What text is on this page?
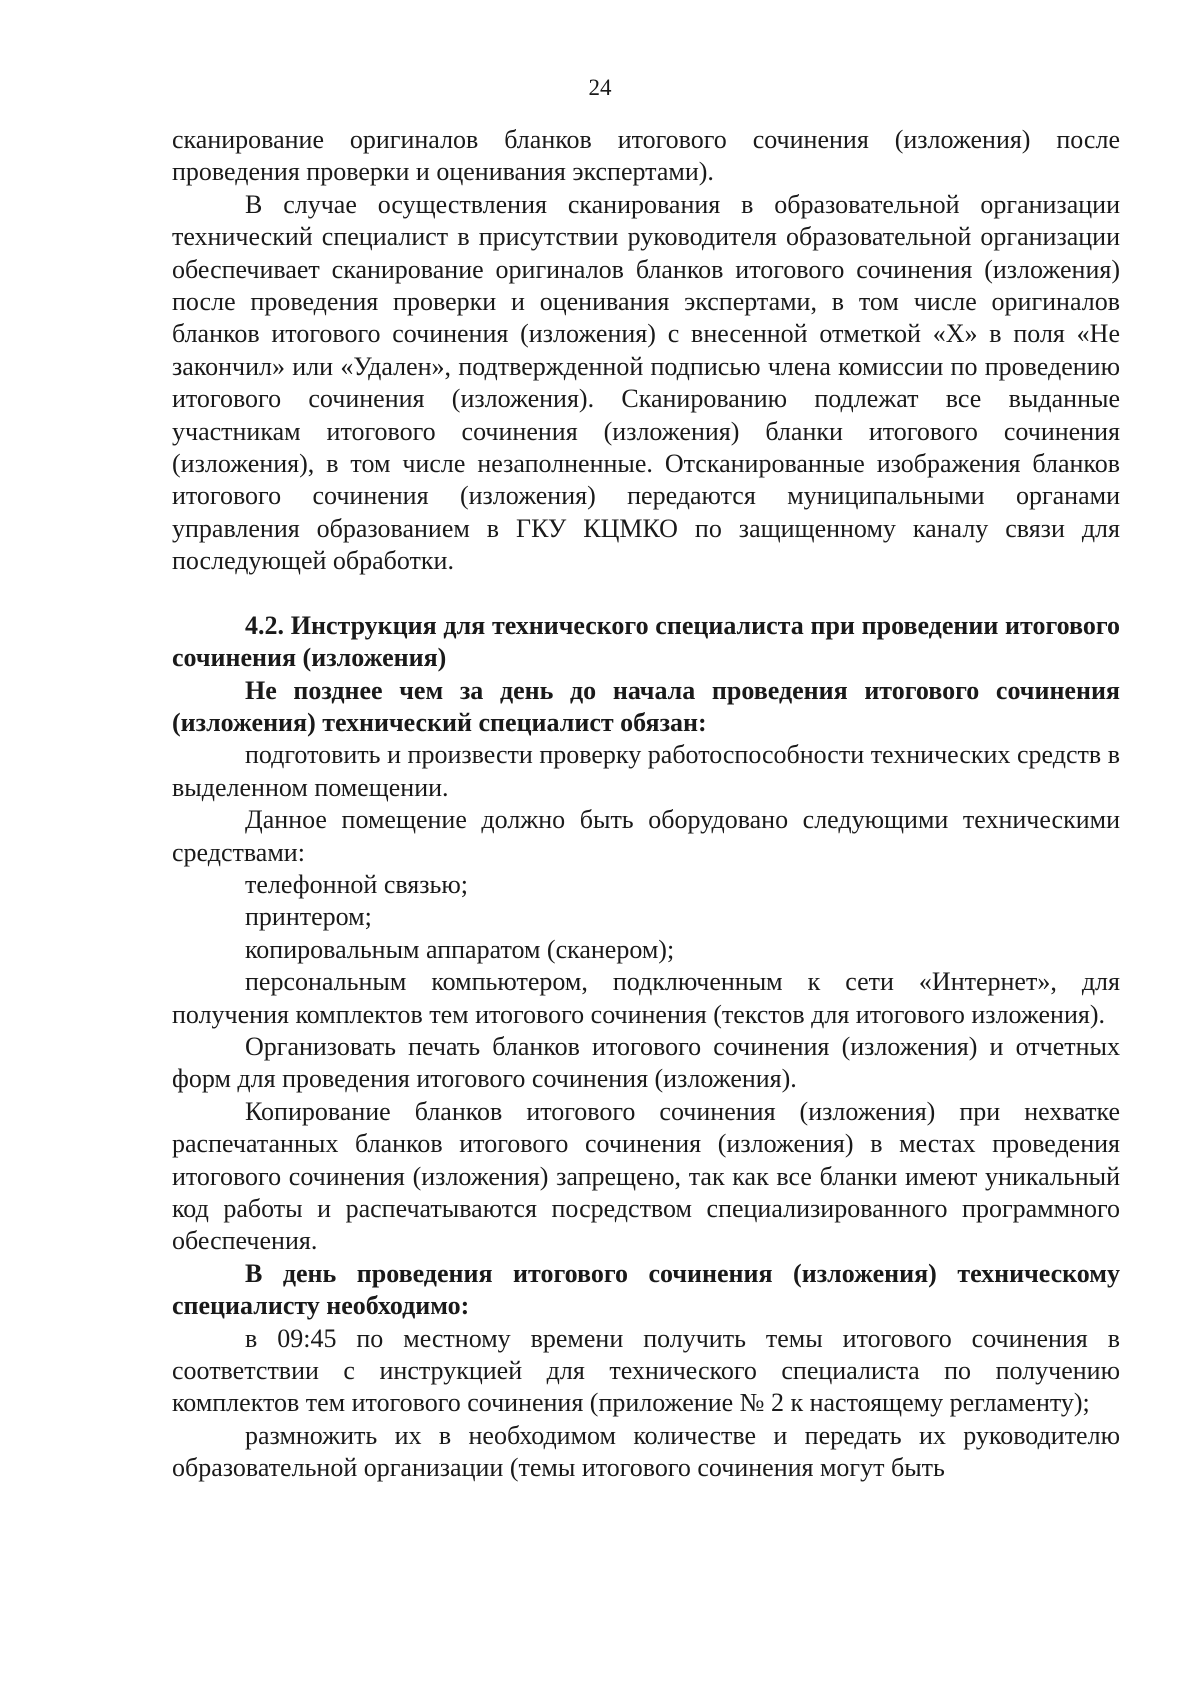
24

сканирование оригиналов бланков итогового сочинения (изложения) после проведения проверки и оценивания экспертами).

В случае осуществления сканирования в образовательной организации технический специалист в присутствии руководителя образовательной организации обеспечивает сканирование оригиналов бланков итогового сочинения (изложения) после проведения проверки и оценивания экспертами, в том числе оригиналов бланков итогового сочинения (изложения) с внесенной отметкой «X» в поля «Не закончил» или «Удален», подтвержденной подписью члена комиссии по проведению итогового сочинения (изложения). Сканированию подлежат все выданные участникам итогового сочинения (изложения) бланки итогового сочинения (изложения), в том числе незаполненные. Отсканированные изображения бланков итогового сочинения (изложения) передаются муниципальными органами управления образованием в ГКУ КЦМКО по защищенному каналу связи для последующей обработки.

4.2. Инструкция для технического специалиста при проведении итогового сочинения (изложения)

Не позднее чем за день до начала проведения итогового сочинения (изложения) технический специалист обязан:

подготовить и произвести проверку работоспособности технических средств в выделенном помещении.

Данное помещение должно быть оборудовано следующими техническими средствами:

телефонной связью;

принтером;

копировальным аппаратом (сканером);

персональным компьютером, подключенным к сети «Интернет», для получения комплектов тем итогового сочинения (текстов для итогового изложения).

Организовать печать бланков итогового сочинения (изложения) и отчетных форм для проведения итогового сочинения (изложения).

Копирование бланков итогового сочинения (изложения) при нехватке распечатанных бланков итогового сочинения (изложения) в местах проведения итогового сочинения (изложения) запрещено, так как все бланки имеют уникальный код работы и распечатываются посредством специализированного программного обеспечения.

В день проведения итогового сочинения (изложения) техническому специалисту необходимо:

в 09:45 по местному времени получить темы итогового сочинения в соответствии с инструкцией для технического специалиста по получению комплектов тем итогового сочинения (приложение № 2 к настоящему регламенту);

размножить их в необходимом количестве и передать их руководителю образовательной организации (темы итогового сочинения могут быть
